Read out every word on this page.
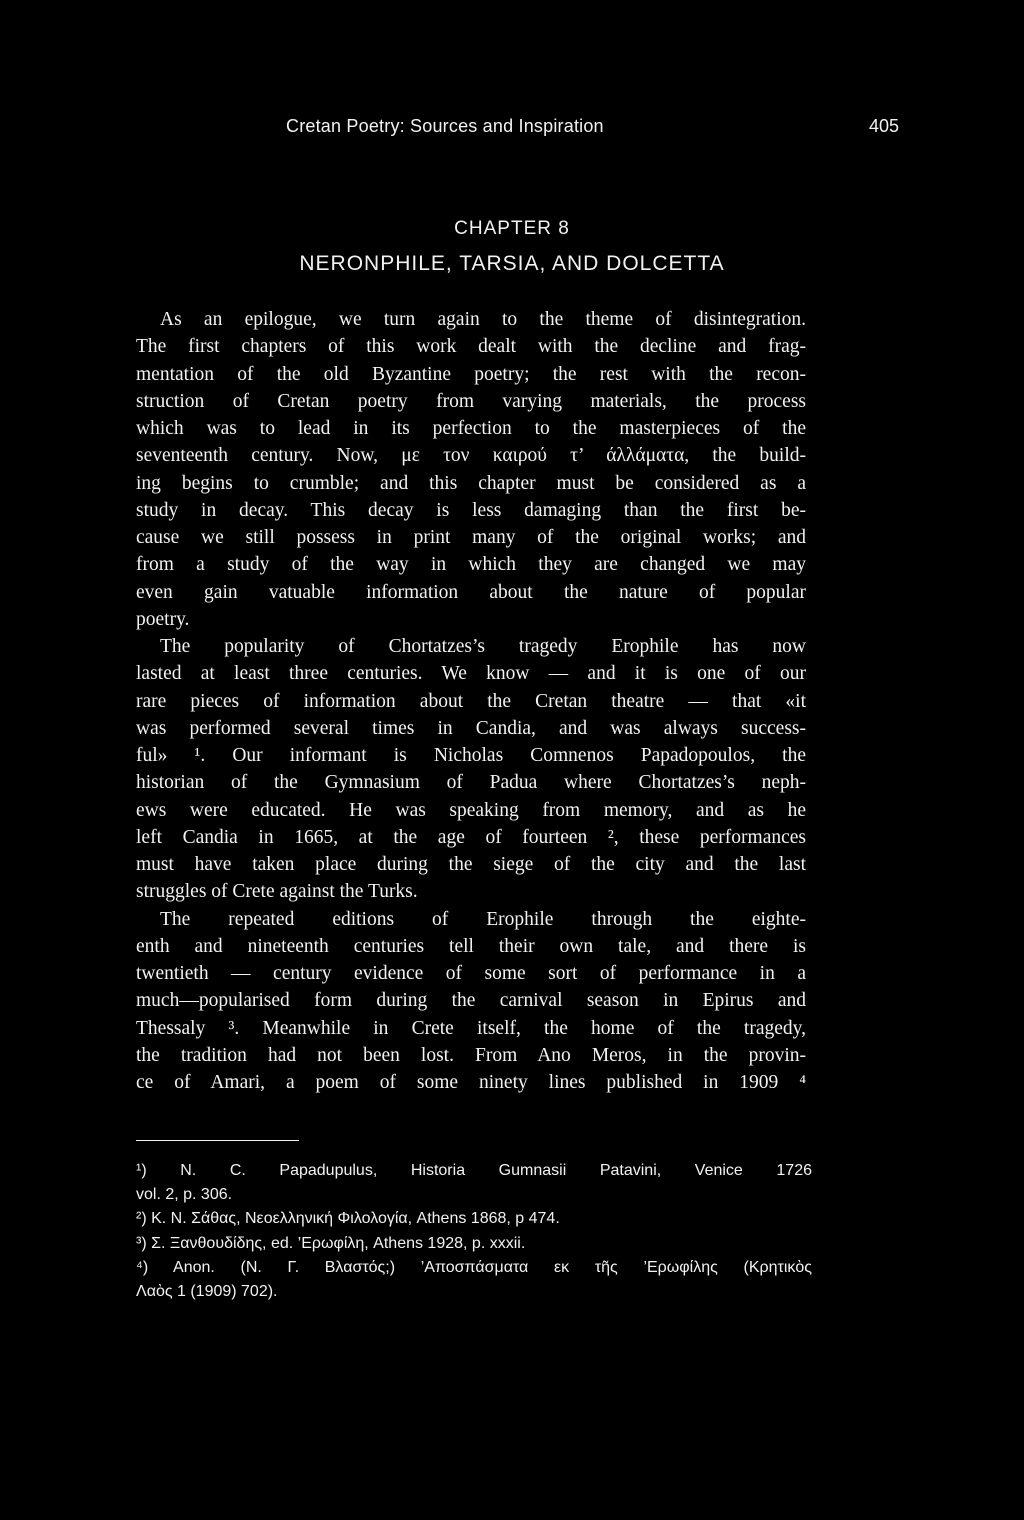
Cretan Poetry: Sources and Inspiration	405
CHAPTER 8
NERONPHILE, TARSIA, AND DOLCETTA
As an epilogue, we turn again to the theme of disintegration.
The first chapters of this work dealt with the decline and frag-
mentation of the old Byzantine poetry; the rest with the recon-
struction of Cretan poetry from varying materials, the process
which was to lead in its perfection to the masterpieces of the
seventeenth century. Now, με τον καιρού τ’ άλλάματα, the build-
ing begins to crumble; and this chapter must be considered as a
study in decay. This decay is less damaging than the first be-
cause we still possess in print many of the original works; and
from a study of the way in which they are changed we may
even gain vatuable information about the nature of popular
poetry.
The popularity of Chortatzes’s tragedy Erophile has now
lasted at least three centuries. We know — and it is one of our
rare pieces of information about the Cretan theatre — that «it
was performed several times in Candia, and was always success-
ful» ¹. Our informant is Nicholas Comnenos Papadopoulos, the
historian of the Gymnasium of Padua where Chortatzes’s neph-
ews were educated. He was speaking from memory, and as he
left Candia in 1665, at the age of fourteen ², these performances
must have taken place during the siege of the city and the last
struggles of Crete against the Turks.
The repeated editions of Erophile through the eighte-
enth and nineteenth centuries tell their own tale, and there is
twentieth — century evidence of some sort of performance in a
much—popularised form during the carnival season in Epirus and
Thessaly ³. Meanwhile in Crete itself, the home of the tragedy,
the tradition had not been lost. From Ano Meros, in the provin-
ce of Amari, a poem of some ninety lines published in 1909 ⁴
¹) N. C. Papadupulus, Historia Gumnasii Patavini, Venice 1726
vol. 2, p. 306.
²) K. N. Σάθας, Νεοελληνική Φιλολογία, Athens 1868, p 474.
³) Σ. Ξανθουδίδης, ed. ’Ερωφίλη, Athens 1928, p. xxxii.
⁴) Anon. (N. Γ. Βλαστός;) ’Αποσπάσματα εκ τῆς ’Ερωφίλης (Κρητικὸς
Λαὸς 1 (1909) 702).
